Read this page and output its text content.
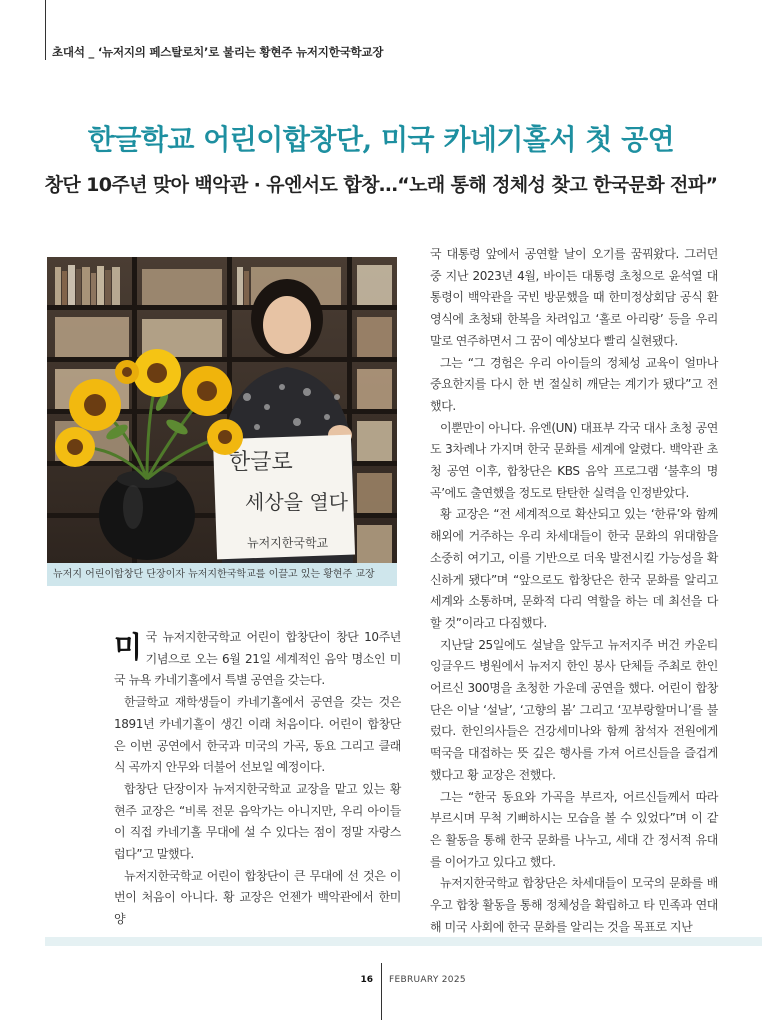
초대석 _ ‘뉴저지의 페스탈로치’로 불리는 황현주 뉴저지한국학교장
한글학교 어린이합창단, 미국 카네기홀서 첫 공연
창단 10주년 맞아 백악관 · 유엔서도 합창…“노래 통해 정체성 찾고 한국문화 전파”
한글로
세상을 열다
뉴저지한국학교
뉴저지 어린이합창단 단장이자 뉴저지한국학교를 이끌고 있는 황현주 교장

미국 뉴저지한국학교 어린이 합창단이 창단 10주년 기념으로 오는 6월 21일 세계적인 음악 명소인 미국 뉴욕 카네기홀에서 특별 공연을 갖는다.

한글학교 재학생들이 카네기홀에서 공연을 갖는 것은 1891년 카네기홀이 생긴 이래 처음이다. 어린이 합창단은 이번 공연에서 한국과 미국의 가곡, 동요 그리고 클래식 곡까지 안무와 더불어 선보일 예정이다.

합창단 단장이자 뉴저지한국학교 교장을 맡고 있는 황현주 교장은 “비록 전문 음악가는 아니지만, 우리 아이들이 직접 카네기홀 무대에 설 수 있다는 점이 정말 자랑스럽다”고 말했다.

뉴저지한국학교 어린이 합창단이 큰 무대에 선 것은 이번이 처음이 아니다. 황 교장은 언젠가 백악관에서 한미 양

국 대통령 앞에서 공연할 날이 오기를 꿈꿔왔다. 그러던 중 지난 2023년 4월, 바이든 대통령 초청으로 윤석열 대통령이 백악관을 국빈 방문했을 때 한미정상회담 공식 환영식에 초청돼 한복을 차려입고 ‘홀로 아리랑’ 등을 우리말로 연주하면서 그 꿈이 예상보다 빨리 실현됐다.

그는 “그 경험은 우리 아이들의 정체성 교육이 얼마나 중요한지를 다시 한 번 절실히 깨닫는 계기가 됐다”고 전했다.

이뿐만이 아니다. 유엔(UN) 대표부 각국 대사 초청 공연도 3차례나 가지며 한국 문화를 세계에 알렸다. 백악관 초청 공연 이후, 합창단은 KBS 음악 프로그램 ‘불후의 명곡’에도 출연했을 정도로 탄탄한 실력을 인정받았다.

황 교장은 “전 세계적으로 확산되고 있는 ‘한류’와 함께 해외에 거주하는 우리 차세대들이 한국 문화의 위대함을 소중히 여기고, 이를 기반으로 더욱 발전시킬 가능성을 확신하게 됐다”며 “앞으로도 합창단은 한국 문화를 알리고 세계와 소통하며, 문화적 다리 역할을 하는 데 최선을 다할 것”이라고 다짐했다.

지난달 25일에도 설날을 앞두고 뉴저지주 버건 카운티 잉글우드 병원에서 뉴저지 한인 봉사 단체들 주최로 한인 어르신 300명을 초청한 가운데 공연을 했다. 어린이 합창단은 이날 ‘설날’, ‘고향의 봄’ 그리고 ‘꼬부랑할머니’를 불렀다. 한인의사들은 건강세미나와 함께 참석자 전원에게 떡국을 대접하는 뜻 깊은 행사를 가져 어르신들을 즐겁게 했다고 황 교장은 전했다.

그는 “한국 동요와 가곡을 부르자, 어르신들께서 따라 부르시며 무척 기뻐하시는 모습을 볼 수 있었다”며 이 같은 활동을 통해 한국 문화를 나누고, 세대 간 정서적 유대를 이어가고 있다고 했다.

뉴저지한국학교 합창단은 차세대들이 모국의 문화를 배우고 합창 활동을 통해 정체성을 확립하고 타 민족과 연대해 미국 사회에 한국 문화를 알리는 것을 목표로 지난

16 FEBRUARY 2025
